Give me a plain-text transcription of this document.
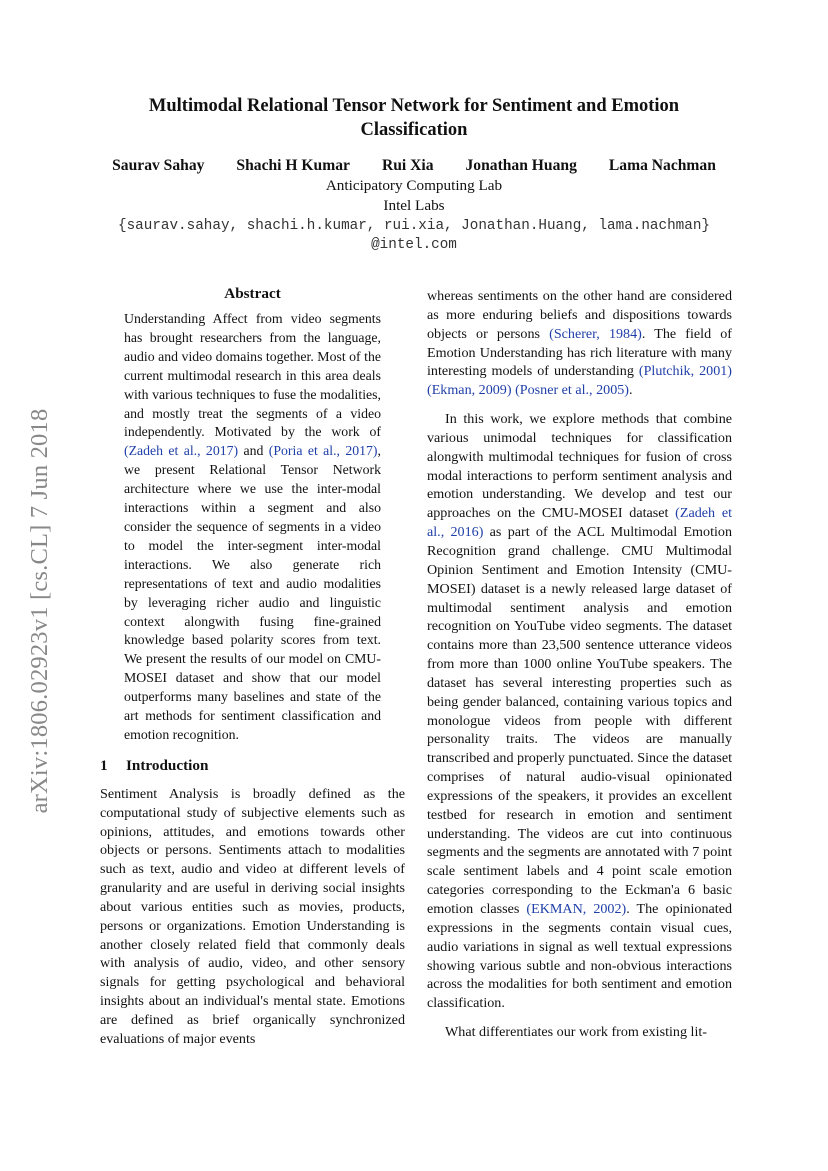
arXiv:1806.02923v1 [cs.CL] 7 Jun 2018
Multimodal Relational Tensor Network for Sentiment and Emotion Classification
Saurav Sahay Shachi H Kumar Rui Xia Jonathan Huang Lama Nachman
Anticipatory Computing Lab
Intel Labs
{saurav.sahay, shachi.h.kumar, rui.xia, Jonathan.Huang, lama.nachman}
@intel.com
Abstract

Understanding Affect from video segments has brought researchers from the language, audio and video domains together. Most of the current multimodal research in this area deals with various techniques to fuse the modalities, and mostly treat the segments of a video independently. Motivated by the work of (Zadeh et al., 2017) and (Poria et al., 2017), we present Relational Tensor Network architecture where we use the inter-modal interactions within a segment and also consider the sequence of segments in a video to model the inter-segment inter-modal interactions. We also generate rich representations of text and audio modalities by leveraging richer audio and linguistic context alongwith fusing fine-grained knowledge based polarity scores from text. We present the results of our model on CMU-MOSEI dataset and show that our model outperforms many baselines and state of the art methods for sentiment classification and emotion recognition.

1 Introduction

Sentiment Analysis is broadly defined as the computational study of subjective elements such as opinions, attitudes, and emotions towards other objects or persons. Sentiments attach to modalities such as text, audio and video at different levels of granularity and are useful in deriving social insights about various entities such as movies, products, persons or organizations. Emotion Understanding is another closely related field that commonly deals with analysis of audio, video, and other sensory signals for getting psychological and behavioral insights about an individual's mental state. Emotions are defined as brief organically synchronized evaluations of major events

whereas sentiments on the other hand are considered as more enduring beliefs and dispositions towards objects or persons (Scherer, 1984). The field of Emotion Understanding has rich literature with many interesting models of understanding (Plutchik, 2001) (Ekman, 2009) (Posner et al., 2005).

In this work, we explore methods that combine various unimodal techniques for classification alongwith multimodal techniques for fusion of cross modal interactions to perform sentiment analysis and emotion understanding. We develop and test our approaches on the CMU-MOSEI dataset (Zadeh et al., 2016) as part of the ACL Multimodal Emotion Recognition grand challenge. CMU Multimodal Opinion Sentiment and Emotion Intensity (CMU-MOSEI) dataset is a newly released large dataset of multimodal sentiment analysis and emotion recognition on YouTube video segments. The dataset contains more than 23,500 sentence utterance videos from more than 1000 online YouTube speakers. The dataset has several interesting properties such as being gender balanced, containing various topics and monologue videos from people with different personality traits. The videos are manually transcribed and properly punctuated. Since the dataset comprises of natural audio-visual opinionated expressions of the speakers, it provides an excellent testbed for research in emotion and sentiment understanding. The videos are cut into continuous segments and the segments are annotated with 7 point scale sentiment labels and 4 point scale emotion categories corresponding to the Eckman'a 6 basic emotion classes (EKMAN, 2002). The opinionated expressions in the segments contain visual cues, audio variations in signal as well textual expressions showing various subtle and non-obvious interactions across the modalities for both sentiment and emotion classification.

What differentiates our work from existing lit-
